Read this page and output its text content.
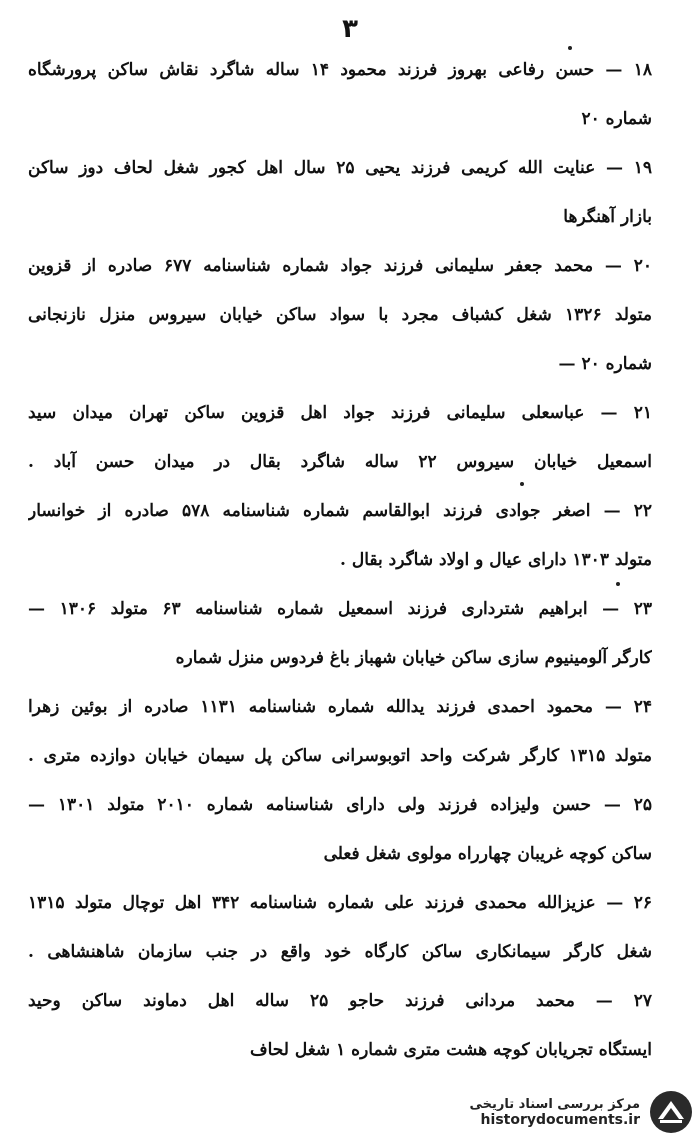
۳
۱۸ — حسن رفاعی بهروز فرزند محمود ۱۴ ساله شاگرد نقاش ساکن پرورشگاه
شماره ۲۰
۱۹ — عنایت الله کریمی فرزند یحیی ۲۵ سال اهل کجور شغل لحاف دوز ساکن
بازار آهنگرها
۲۰ — محمد جعفر سلیمانی فرزند جواد شماره شناسنامه ۶۷۷ صادره از قزوین
متولد ۱۳۲۶ شغل کشباف مجرد با سواد ساکن خیابان سیروس منزل نازنجانی
شماره ۲۰ —
۲۱ — عباسعلی سلیمانی فرزند جواد اهل قزوین ساکن تهران میدان سید
اسمعیل خیابان سیروس ۲۲ ساله شاگرد بقال در میدان حسن آباد .
۲۲ — اصغر جوادی فرزند ابوالقاسم شماره شناسنامه ۵۷۸ صادره از خوانسار
متولد ۱۳۰۳ دارای عیال و اولاد شاگرد بقال .
۲۳ — ابراهیم شترداری فرزند اسمعیل شماره شناسنامه ۶۳ متولد ۱۳۰۶ —
کارگر آلومینیوم سازی ساکن خیابان شهباز باغ فردوس منزل شماره
۲۴ — محمود احمدی فرزند یدالله شماره شناسنامه ۱۱۳۱ صادره از بوئین زهرا
متولد ۱۳۱۵ کارگر شرکت واحد اتوبوسرانی ساکن پل سیمان خیابان دوازده متری .
۲۵ — حسن ولیزاده فرزند ولی دارای شناسنامه شماره ۲۰۱۰ متولد ۱۳۰۱ —
ساکن کوچه غریبان چهارراه مولوی شغل فعلی
۲۶ — عزیزالله محمدی فرزند علی شماره شناسنامه ۳۴۲ اهل توچال متولد ۱۳۱۵
شغل کارگر سیمانکاری ساکن کارگاه خود واقع در جنب سازمان شاهنشاهی .
۲۷ — محمد مردانی فرزند حاجو ۲۵ ساله اهل دماوند ساکن وحید
ایستگاه تجریابان کوچه هشت متری شماره ۱ شغل لحاف
مرکز بررسی اسناد تاریخی
historydocuments.ir
